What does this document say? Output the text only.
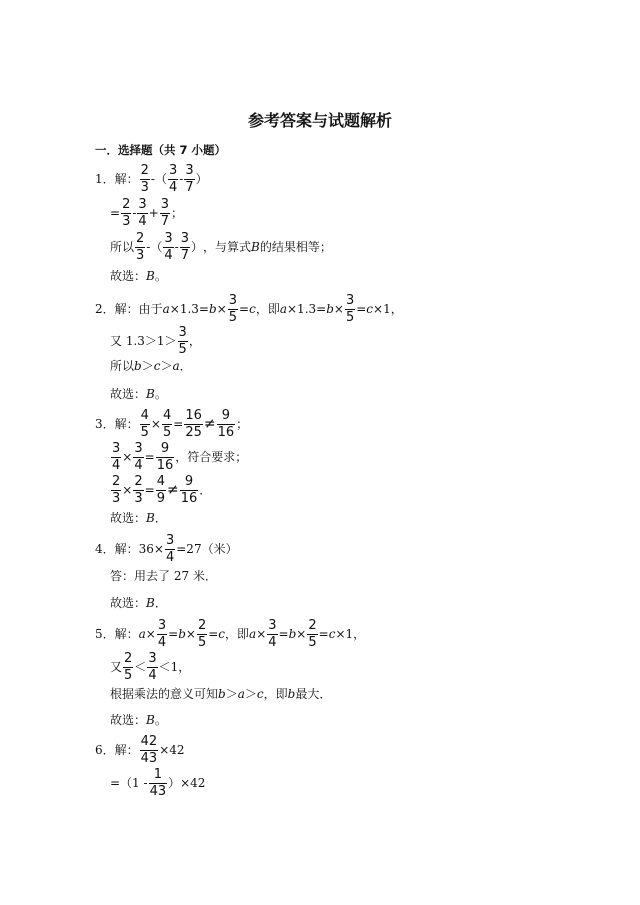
参考答案与试题解析
一．选择题（共 7 小题）
1．解： $\frac{2}{3}$ - （ $\frac{3}{4} - \frac{3}{7}$ ）
= $\frac{2}{3} - \frac{3}{4} + \frac{3}{7}$ ；
所以 $\frac{2}{3}$ - （ $\frac{3}{4} - \frac{3}{7}$ ） ，与算式 B 的结果相等；
故选： B 。
2．解：由于 $a \times 1.3= b \times \frac{3}{5} = c$ ，即 $a \times 1.3= b \times \frac{3}{5} = c \times 1$，
又 $1.3>1> \frac{3}{5}$ ，
所以 b ＞ c ＞ a ．
故选： B 。
3．解： $\frac{4}{5} \times \frac{4}{5} = \frac{16}{25} \ne \frac{9}{16}$ ；
$\frac{3}{4} \times \frac{3}{4} = \frac{9}{16}$ ，符合要求；
$\frac{2}{3} \times \frac{2}{3} = \frac{4}{9} \ne \frac{9}{16}$ ．
故选： B ．
4．解：$36\times \frac{3}{4} =27$（米）
答：用去了 27 米．
故选： B ．
5．解： $a \times \frac{3}{4} = b \times \frac{2}{5} = c$ ，即 $a \times \frac{3}{4} = b \times \frac{2}{5} = c \times 1$，
又 $\frac{2}{5} < \frac{3}{4} <1$，
根据乘法的意义可知 b ＞ a ＞ c ，即 b 最大．
故选： B 。
6．解： $\frac{42}{43} \times 42$
$=(1 - \frac{1}{43} )\times 42$
